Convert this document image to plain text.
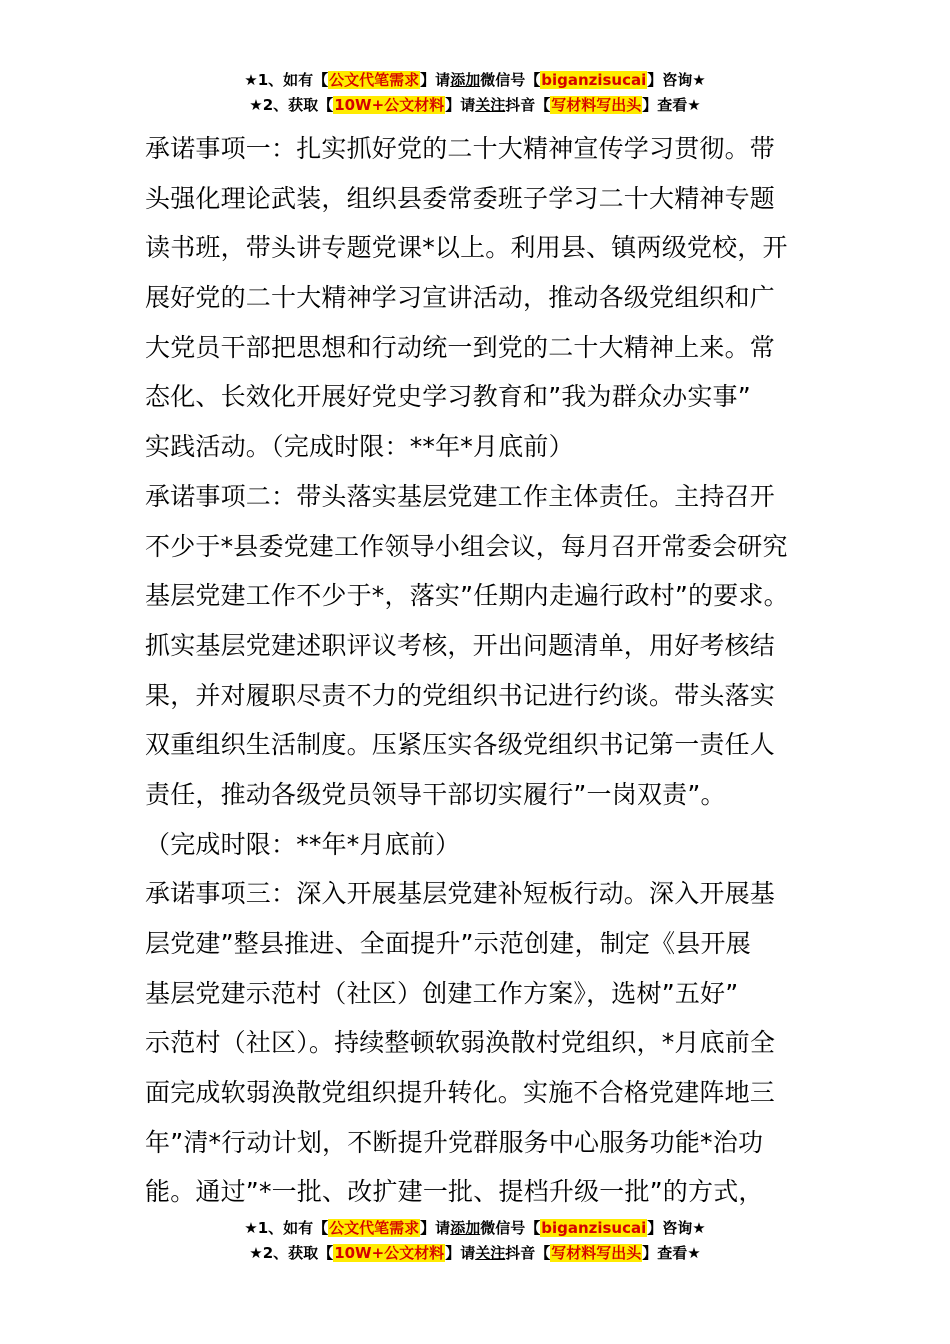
★1、如有【公文代笔需求】请添加微信号【biganzisucai】咨询★
★2、获取【10W+公文材料】请关注抖音【写材料写出头】查看★
承诺事项一：扎实抓好党的二十大精神宣传学习贯彻。带
头强化理论武装，组织县委常委班子学习二十大精神专题
读书班，带头讲专题党课*以上。利用县、镇两级党校，开
展好党的二十大精神学习宣讲活动，推动各级党组织和广
大党员干部把思想和行动统一到党的二十大精神上来。常
态化、长效化开展好党史学习教育和”我为群众办实事”
实践活动。（完成时限：**年*月底前）
承诺事项二：带头落实基层党建工作主体责任。主持召开
不少于*县委党建工作领导小组会议，每月召开常委会研究
基层党建工作不少于*，落实”任期内走遍行政村”的要求。
抓实基层党建述职评议考核，开出问题清单，用好考核结
果，并对履职尽责不力的党组织书记进行约谈。带头落实
双重组织生活制度。压紧压实各级党组织书记第一责任人
责任，推动各级党员领导干部切实履行”一岗双责”。
（完成时限：**年*月底前）
承诺事项三：深入开展基层党建补短板行动。深入开展基
层党建”整县推进、全面提升”示范创建，制定《县开展
基层党建示范村（社区）创建工作方案》，选树”五好”
示范村（社区）。持续整顿软弱涣散村党组织，*月底前全
面完成软弱涣散党组织提升转化。实施不合格党建阵地三
年”清*行动计划，不断提升党群服务中心服务功能*治功
能。通过”*一批、改扩建一批、提档升级一批”的方式，
★1、如有【公文代笔需求】请添加微信号【biganzisucai】咨询★
★2、获取【10W+公文材料】请关注抖音【写材料写出头】查看★
